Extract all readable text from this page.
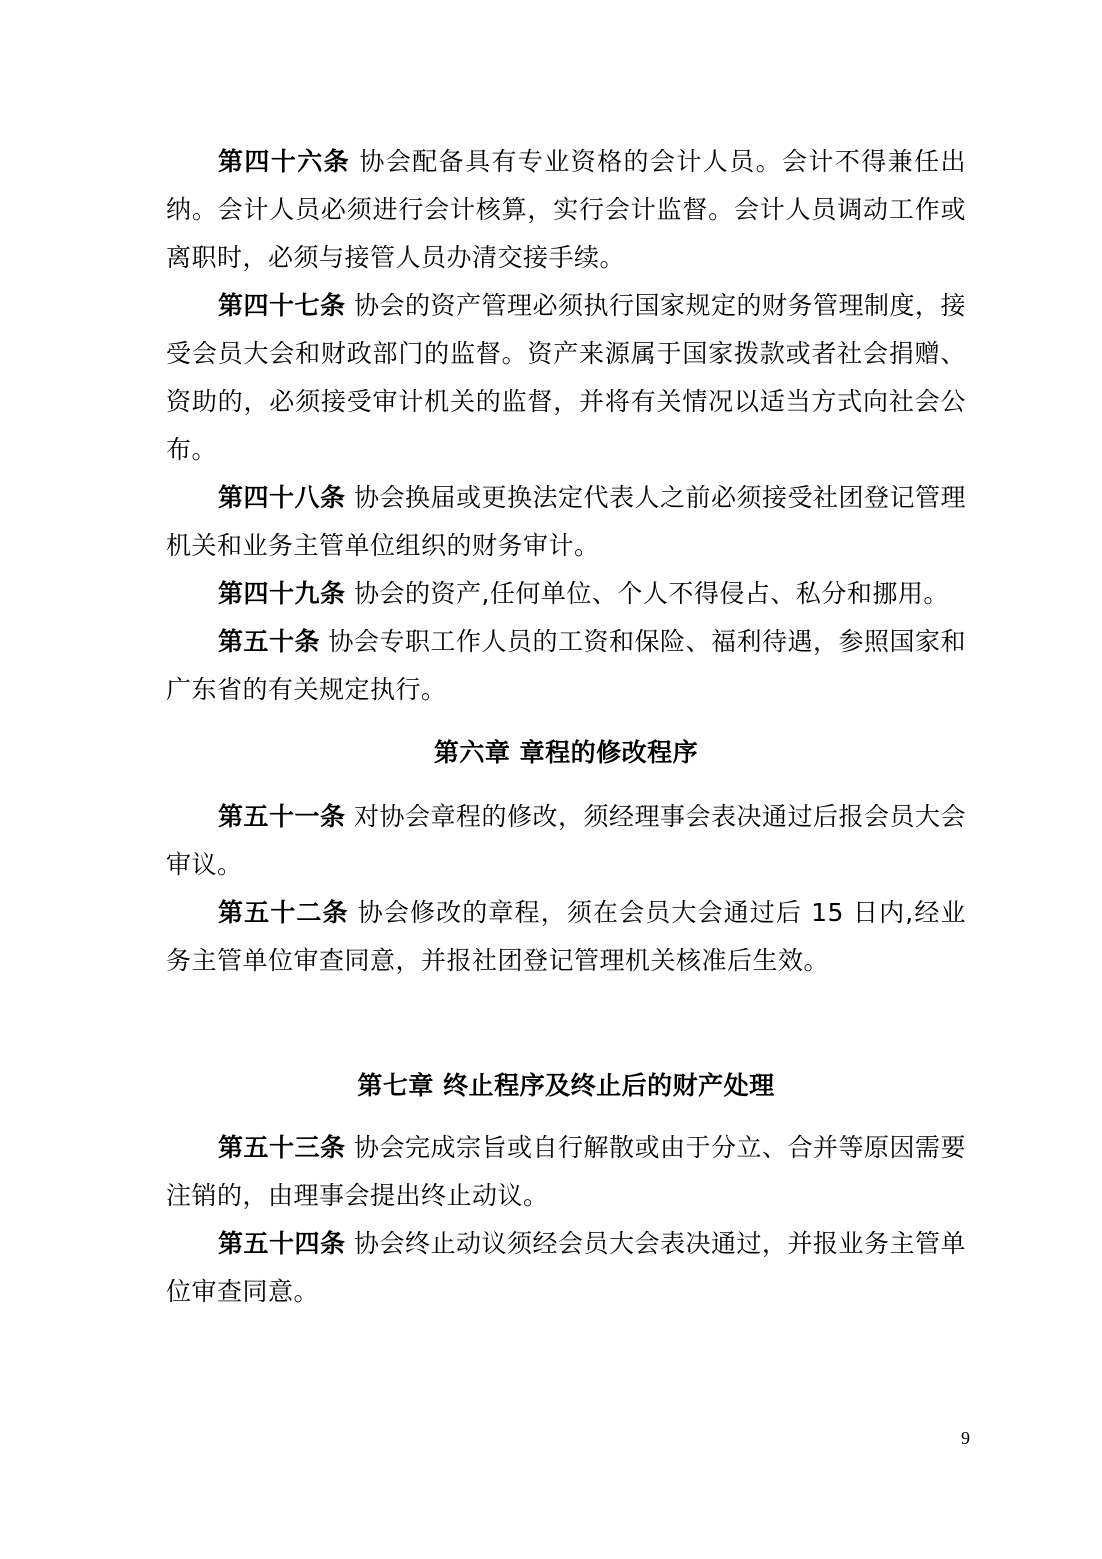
第四十六条 协会配备具有专业资格的会计人员。会计不得兼任出纳。会计人员必须进行会计核算，实行会计监督。会计人员调动工作或离职时，必须与接管人员办清交接手续。

第四十七条 协会的资产管理必须执行国家规定的财务管理制度，接受会员大会和财政部门的监督。资产来源属于国家拨款或者社会捐赠、资助的，必须接受审计机关的监督，并将有关情况以适当方式向社会公布。

第四十八条 协会换届或更换法定代表人之前必须接受社团登记管理机关和业务主管单位组织的财务审计。

第四十九条 协会的资产,任何单位、个人不得侵占、私分和挪用。

第五十条 协会专职工作人员的工资和保险、福利待遇，参照国家和广东省的有关规定执行。

第六章 章程的修改程序

第五十一条 对协会章程的修改，须经理事会表决通过后报会员大会审议。

第五十二条 协会修改的章程，须在会员大会通过后 15 日内,经业务主管单位审查同意，并报社团登记管理机关核准后生效。

第七章 终止程序及终止后的财产处理

第五十三条 协会完成宗旨或自行解散或由于分立、合并等原因需要注销的，由理事会提出终止动议。

第五十四条 协会终止动议须经会员大会表决通过，并报业务主管单位审查同意。

9
